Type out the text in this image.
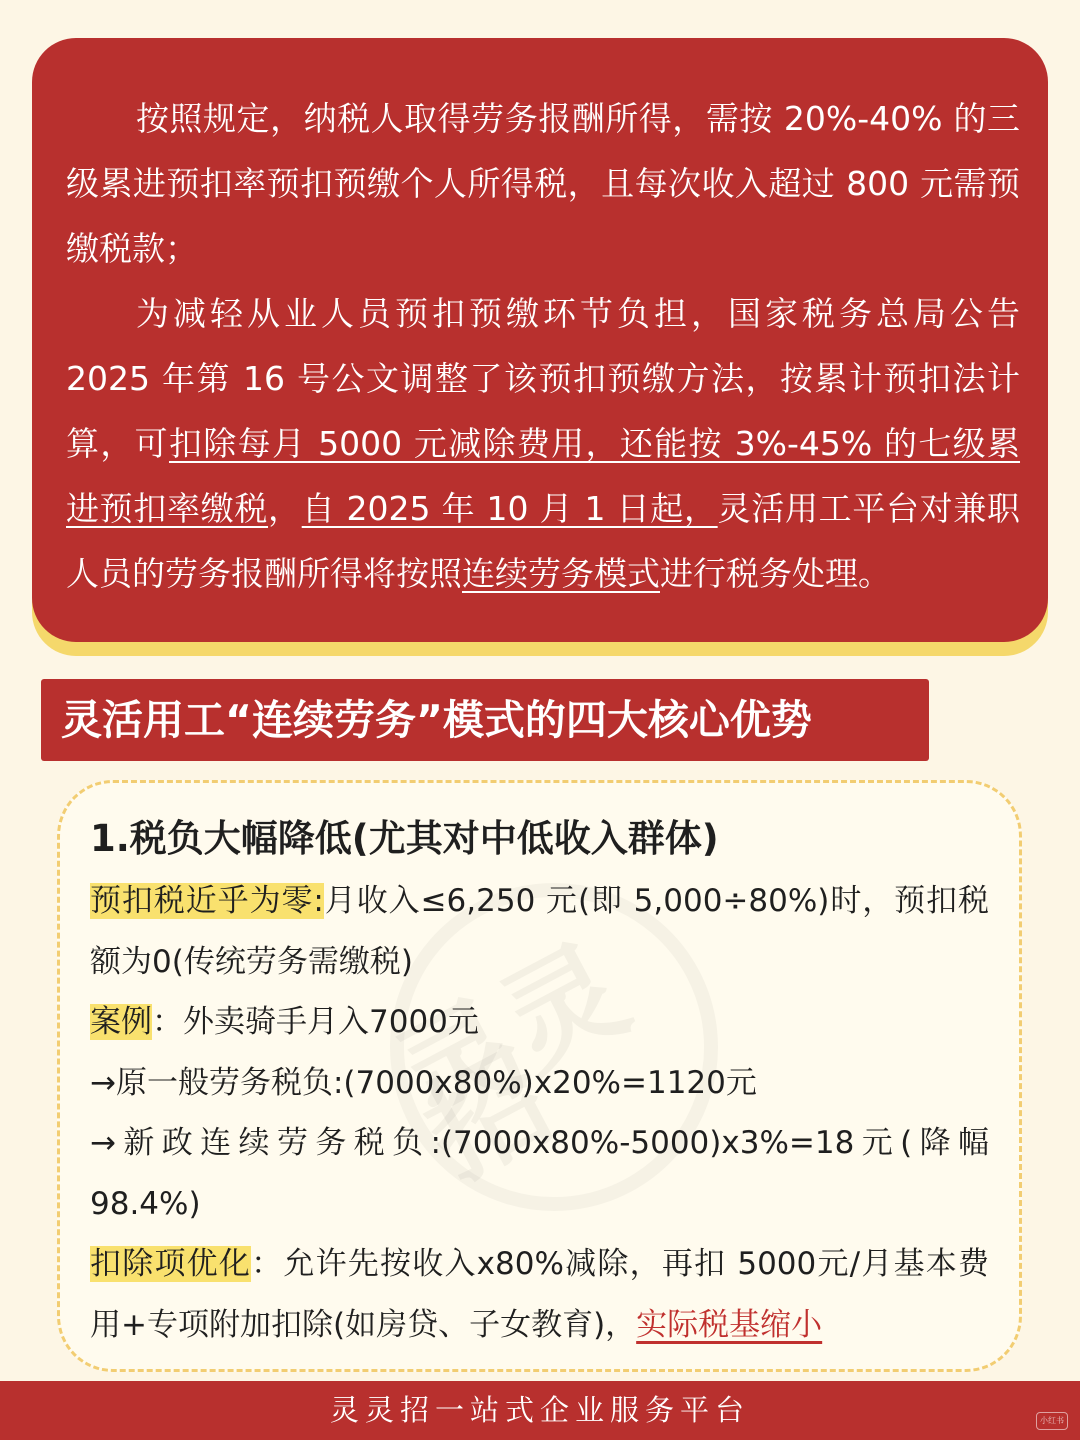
按照规定，纳税人取得劳务报酬所得，需按 20%-40% 的三级累进预扣率预扣预缴个人所得税，且每次收入超过 800 元需预缴税款；

为减轻从业人员预扣预缴环节负担，国家税务总局公告 2025 年第 16 号公文调整了该预扣预缴方法，按累计预扣法计算，可扣除每月 5000 元减除费用，还能按 3%-45% 的七级累进预扣率缴税，自 2025 年 10 月 1 日起，灵活用工平台对兼职人员的劳务报酬所得将按照连续劳务模式进行税务处理。

灵活用工“连续劳务”模式的四大核心优势

1.税负大幅降低(尤其对中低收入群体)

预扣税近乎为零:月收入≤6,250 元(即 5,000÷80%)时，预扣税额为0(传统劳务需缴税)

案例：外卖骑手月入7000元

→原一般劳务税负:(7000x80%)x20%=1120元

→新政连续劳务税负:(7000x80%-5000)x3%=18元(降幅98.4%)

扣除项优化：允许先按收入x80%减除，再扣 5000元/月基本费用+专项附加扣除(如房贷、子女教育)，实际税基缩小

灵灵招一站式企业服务平台	小红书
